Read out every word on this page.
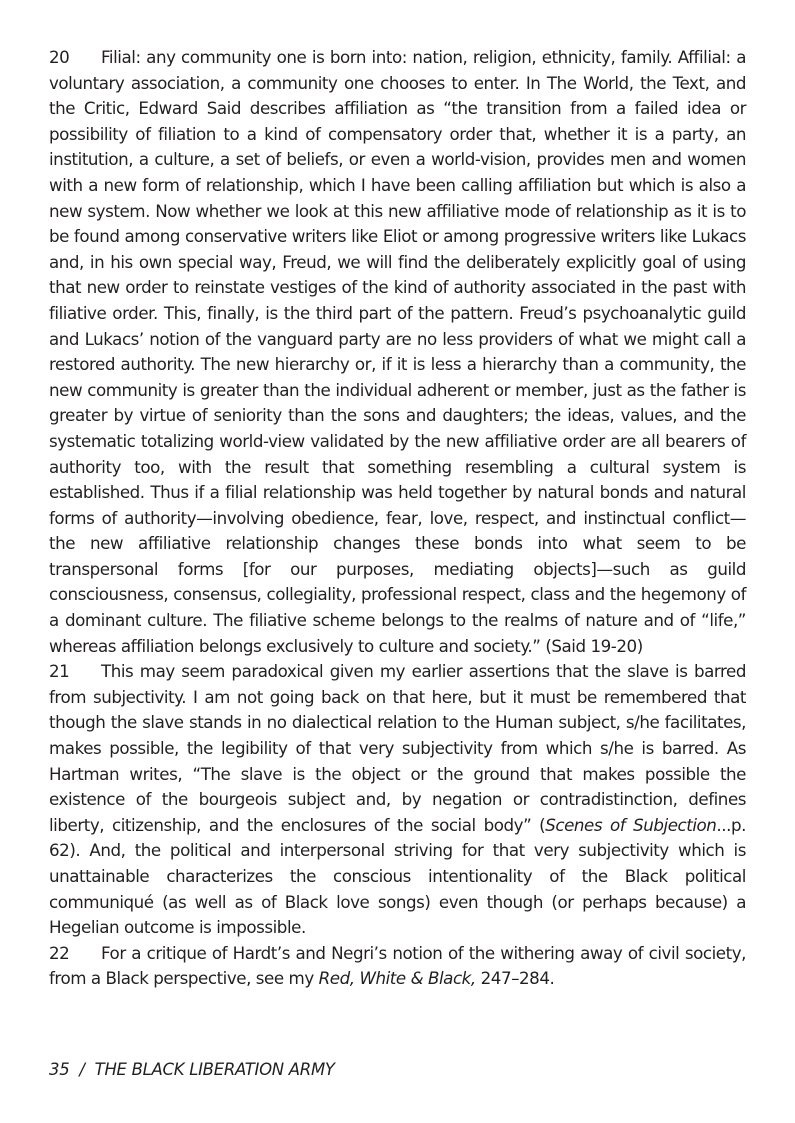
20 Filial: any community one is born into: nation, religion, ethnicity, family. Affilial: a voluntary association, a community one chooses to enter. In The World, the Text, and the Critic, Edward Said describes affiliation as “the transition from a failed idea or possibility of filiation to a kind of compensatory order that, whether it is a party, an institution, a culture, a set of beliefs, or even a world-vision, provides men and women with a new form of relationship, which I have been calling affiliation but which is also a new system. Now whether we look at this new affiliative mode of relationship as it is to be found among conservative writers like Eliot or among progressive writers like Lukacs and, in his own special way, Freud, we will find the deliberately explicitly goal of using that new order to reinstate vestiges of the kind of authority associated in the past with filiative order. This, finally, is the third part of the pattern. Freud’s psychoanalytic guild and Lukacs’ notion of the vanguard party are no less providers of what we might call a restored authority. The new hierarchy or, if it is less a hierarchy than a community, the new community is greater than the individual adherent or member, just as the father is greater by virtue of seniority than the sons and daughters; the ideas, values, and the systematic totalizing world-view validated by the new affiliative order are all bearers of authority too, with the result that something resembling a cultural system is established. Thus if a filial relationship was held together by natural bonds and natural forms of authority—involving obedience, fear, love, respect, and instinctual conflict—the new affiliative relationship changes these bonds into what seem to be transpersonal forms [for our purposes, mediating objects]—such as guild consciousness, consensus, collegiality, professional respect, class and the hegemony of a dominant culture. The filiative scheme belongs to the realms of nature and of “life,” whereas affiliation belongs exclusively to culture and society.” (Said 19-20)

21 This may seem paradoxical given my earlier assertions that the slave is barred from subjectivity. I am not going back on that here, but it must be remembered that though the slave stands in no dialectical relation to the Human subject, s/he facilitates, makes possible, the legibility of that very subjectivity from which s/he is barred. As Hartman writes, “The slave is the object or the ground that makes possible the existence of the bourgeois subject and, by negation or contradistinction, defines liberty, citizenship, and the enclosures of the social body” (Scenes of Subjection...p. 62). And, the political and interpersonal striving for that very subjectivity which is unattainable characterizes the conscious intentionality of the Black political communiqué (as well as of Black love songs) even though (or perhaps because) a Hegelian outcome is impossible.

22 For a critique of Hardt’s and Negri’s notion of the withering away of civil society, from a Black perspective, see my Red, White & Black, 247–284.

35 / THE BLACK LIBERATION ARMY
